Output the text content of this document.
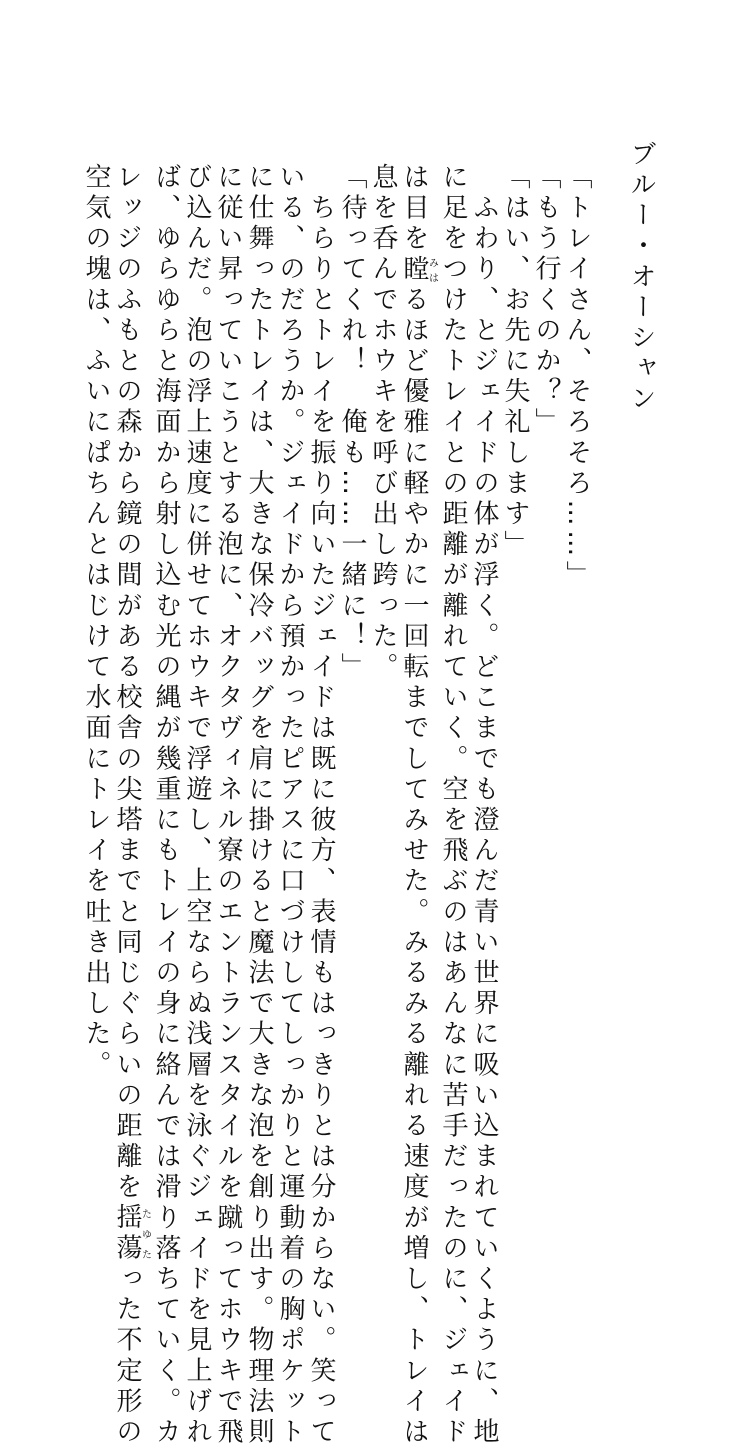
ブルー・オーシャン
「トレイさん、そろそろ……」
「もう行くのか？」
「はい、お先に失礼します」
　ふわり、とジェイドの体が浮く。どこまでも澄んだ青い世界に吸い込まれていくように、地
に足をつけたトレイとの距離が離れていく。空を飛ぶのはあんなに苦手だったのに、ジェイド
は目を瞠みはるほど優雅に軽やかに一回転までしてみせた。みるみる離れる速度が増し、トレイは
息を呑んでホウキを呼び出し跨った。
「待ってくれ！　俺も……一緒に！」
　ちらりとトレイを振り向いたジェイドは既に彼方、表情もはっきりとは分からない。笑って
いる、のだろうか。ジェイドから預かったピアスに口づけしてしっかりと運動着の胸ポケット
に仕舞ったトレイは、大きな保冷バッグを肩に掛けると魔法で大きな泡を創り出す。物理法則
に従い昇っていこうとする泡に、オクタヴィネル寮のエントランスタイルを蹴ってホウキで飛
び込んだ。泡の浮上速度に併せてホウキで浮遊し、上空ならぬ浅層を泳ぐジェイドを見上げれ
ば、ゆらゆらと海面から射し込む光の縄が幾重にもトレイの身に絡んでは滑り落ちていく。カ
レッジのふもとの森から鏡の間がある校舎の尖塔までと同じぐらいの距離を揺蕩たゆたった不定形の
空気の塊は、ふいにぱちんとはじけて水面にトレイを吐き出した。
